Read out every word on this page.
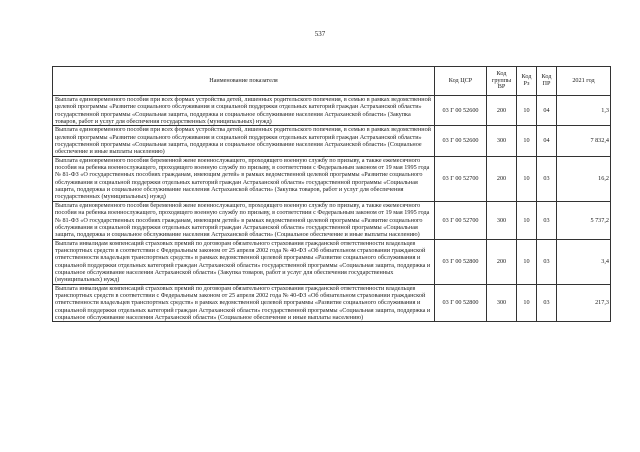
537
Наименование показателя	Код ЦСР	Код группы ВР	Код Рз	Код ПР	2021 год
Выплата единовременного пособия при всех формах устройства детей, лишенных родительского попечения, в семью в рамках ведомственной целевой программы «Развитие социального обслуживания и социальной поддержки отдельных категорий граждан Астраханской области» государственной программы «Социальная защита, поддержка и социальное обслуживание населения Астраханской области» (Закупка товаров, работ и услуг для обеспечения государственных (муниципальных) нужд)	03 Г 00 52600	200	10	04	1,3
Выплата единовременного пособия при всех формах устройства детей, лишенных родительского попечения, в семью в рамках ведомственной целевой программы «Развитие социального обслуживания и социальной поддержки отдельных категорий граждан Астраханской области» государственной программы «Социальная защита, поддержка и социальное обслуживание населения Астраханской области» (Социальное обеспечение и иные выплаты населению)	03 Г 00 52600	300	10	04	7 832,4
Выплата единовременного пособия беременной жене военнослужащего, проходящего военную службу по призыву, а также ежемесячного пособия на ребенка военнослужащего, проходящего военную службу по призыву, в соответствии с Федеральным законом от 19 мая 1995 года № 81-ФЗ «О государственных пособиях гражданам, имеющим детей» в рамках ведомственной целевой программы «Развитие социального обслуживания и социальной поддержки отдельных категорий граждан Астраханской области» государственной программы «Социальная защита, поддержка и социальное обслуживание населения Астраханской области» (Закупка товаров, работ и услуг для обеспечения государственных (муниципальных) нужд)	03 Г 00 52700	200	10	03	16,2
Выплата единовременного пособия беременной жене военнослужащего, проходящего военную службу по призыву, а также ежемесячного пособия на ребенка военнослужащего, проходящего военную службу по призыву, в соответствии с Федеральным законом от 19 мая 1995 года № 81-ФЗ «О государственных пособиях гражданам, имеющим детей» в рамках ведомственной целевой программы «Развитие социального обслуживания и социальной поддержки отдельных категорий граждан Астраханской области» государственной программы «Социальная защита, поддержка и социальное обслуживание населения Астраханской области» (Социальное обеспечение и иные выплаты населению)	03 Г 00 52700	300	10	03	5 737,2
Выплата инвалидам компенсаций страховых премий по договорам обязательного страхования гражданской ответственности владельцев транспортных средств в соответствии с Федеральным законом от 25 апреля 2002 года № 40-ФЗ «Об обязательном страховании гражданской ответственности владельцев транспортных средств» в рамках ведомственной целевой программы «Развитие социального обслуживания и социальной поддержки отдельных категорий граждан Астраханской области» государственной программы «Социальная защита, поддержка и социальное обслуживание населения Астраханской области» (Закупка товаров, работ и услуг для обеспечения государственных (муниципальных) нужд)	03 Г 00 52800	200	10	03	3,4
Выплата инвалидам компенсаций страховых премий по договорам обязательного страхования гражданской ответственности владельцев транспортных средств в соответствии с Федеральным законом от 25 апреля 2002 года № 40-ФЗ «Об обязательном страховании гражданской ответственности владельцев транспортных средств» в рамках ведомственной целевой программы «Развитие социального обслуживания и социальной поддержки отдельных категорий граждан Астраханской области» государственной программы «Социальная защита, поддержка и социальное обслуживание населения Астраханской области» (Социальное обеспечение и иные выплаты населению)	03 Г 00 52800	300	10	03	217,3
